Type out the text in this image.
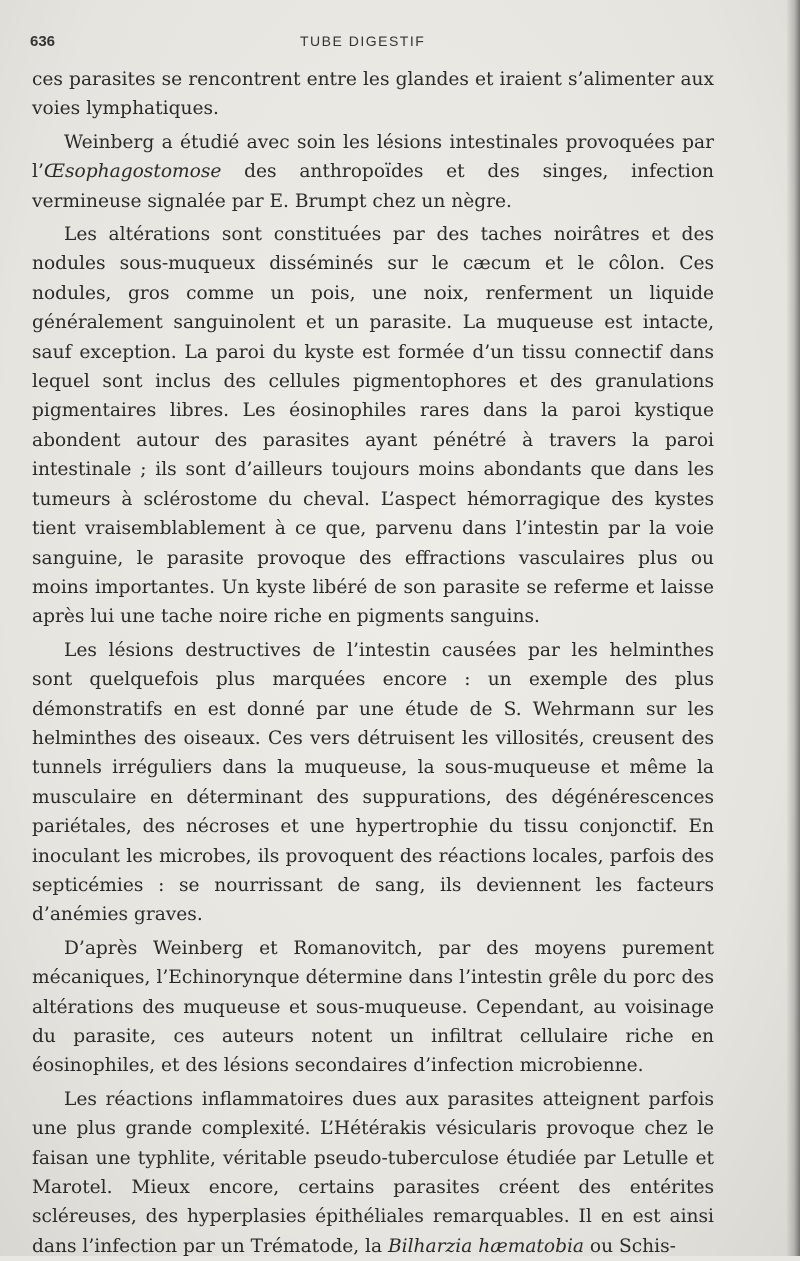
636	TUBE DIGESTIF

ces parasites se rencontrent entre les glandes et iraient s’alimenter aux voies lymphatiques.

Weinberg a étudié avec soin les lésions intestinales provoquées par l’Œsophagostomose des anthropoïdes et des singes, infection vermineuse signalée par E. Brumpt chez un nègre.

Les altérations sont constituées par des taches noirâtres et des nodules sous-muqueux disséminés sur le cæcum et le côlon. Ces nodules, gros comme un pois, une noix, renferment un liquide généralement sanguinolent et un parasite. La muqueuse est intacte, sauf exception. La paroi du kyste est formée d’un tissu connectif dans lequel sont inclus des cellules pigmentophores et des granulations pigmentaires libres. Les éosinophiles rares dans la paroi kystique abondent autour des parasites ayant pénétré à travers la paroi intestinale ; ils sont d’ailleurs toujours moins abondants que dans les tumeurs à sclérostome du cheval. L’aspect hémorragique des kystes tient vraisemblablement à ce que, parvenu dans l’intestin par la voie sanguine, le parasite provoque des effractions vasculaires plus ou moins importantes. Un kyste libéré de son parasite se referme et laisse après lui une tache noire riche en pigments sanguins.

Les lésions destructives de l’intestin causées par les helminthes sont quelquefois plus marquées encore : un exemple des plus démonstratifs en est donné par une étude de S. Wehrmann sur les helminthes des oiseaux. Ces vers détruisent les villosités, creusent des tunnels irréguliers dans la muqueuse, la sous-muqueuse et même la musculaire en déterminant des suppurations, des dégénérescences pariétales, des nécroses et une hypertrophie du tissu conjonctif. En inoculant les microbes, ils provoquent des réactions locales, parfois des septicémies : se nourrissant de sang, ils deviennent les facteurs d’anémies graves.

D’après Weinberg et Romanovitch, par des moyens purement mécaniques, l’Echinorynque détermine dans l’intestin grêle du porc des altérations des muqueuse et sous-muqueuse. Cependant, au voisinage du parasite, ces auteurs notent un infiltrat cellulaire riche en éosinophiles, et des lésions secondaires d’infection microbienne.

Les réactions inflammatoires dues aux parasites atteignent parfois une plus grande complexité. L’Hétérakis vésicularis provoque chez le faisan une typhlite, véritable pseudo-tuberculose étudiée par Letulle et Marotel. Mieux encore, certains parasites créent des entérites scléreuses, des hyperplasies épithéliales remarquables. Il en est ainsi dans l’infection par un Trématode, la Bilharzia hæmatobia ou Schis-
